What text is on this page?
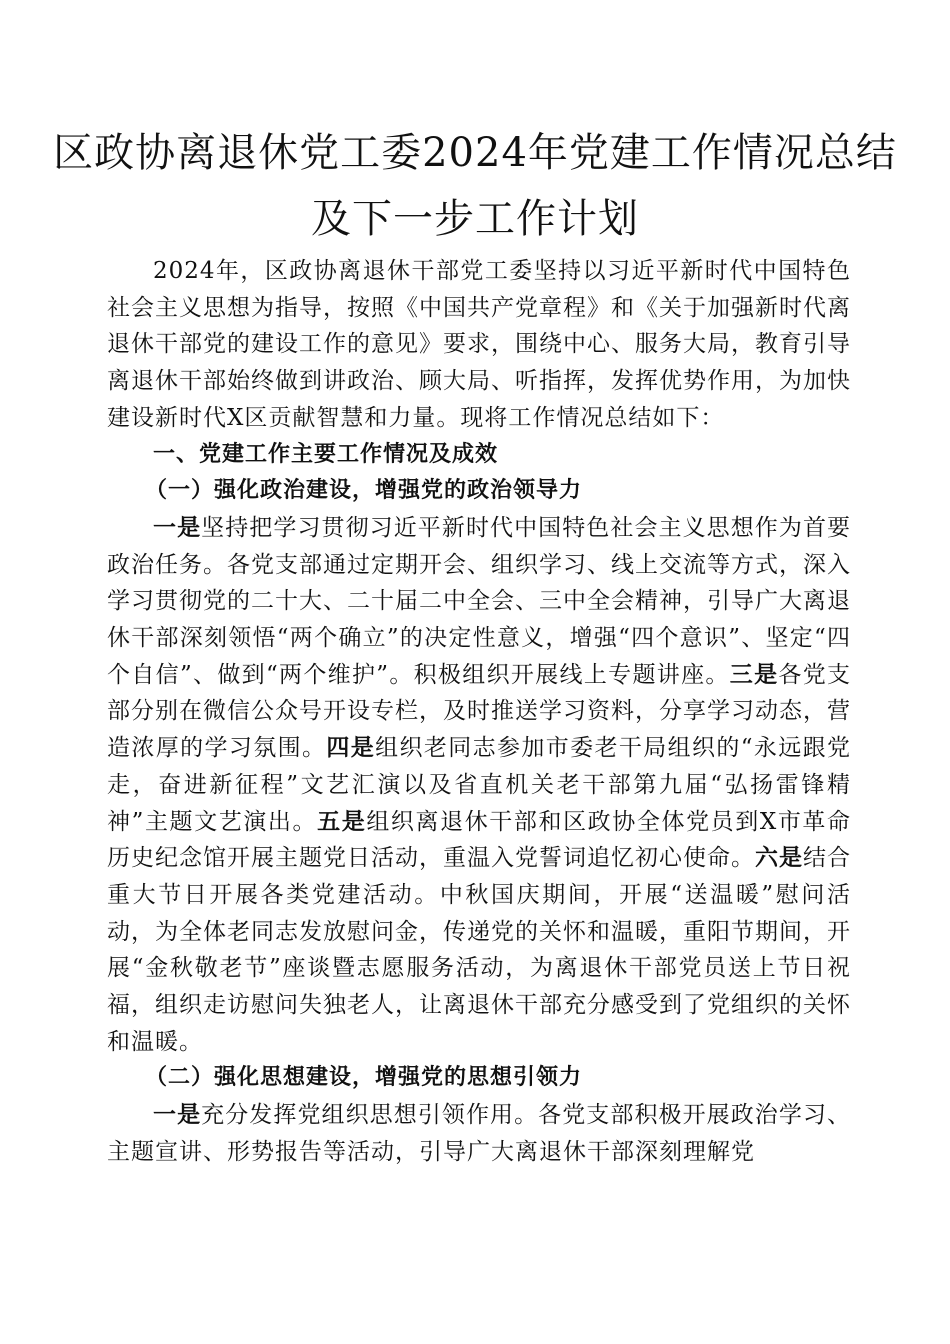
区政协离退休党工委2024年党建工作情况总结
及下一步工作计划

2024年，区政协离退休干部党工委坚持以习近平新时代中国特色社会主义思想为指导，按照《中国共产党章程》和《关于加强新时代离退休干部党的建设工作的意见》要求，围绕中心、服务大局，教育引导离退休干部始终做到讲政治、顾大局、听指挥，发挥优势作用，为加快建设新时代X区贡献智慧和力量。现将工作情况总结如下：

一、党建工作主要工作情况及成效

（一）强化政治建设，增强党的政治领导力

一是坚持把学习贯彻习近平新时代中国特色社会主义思想作为首要政治任务。各党支部通过定期开会、组织学习、线上交流等方式，深入学习贯彻党的二十大、二十届二中全会、三中全会精神，引导广大离退休干部深刻领悟“两个确立”的决定性意义，增强“四个意识”、坚定“四个自信”、做到“两个维护”。积极组织开展线上专题讲座。三是各党支部分别在微信公众号开设专栏，及时推送学习资料，分享学习动态，营造浓厚的学习氛围。四是组织老同志参加市委老干局组织的“永远跟党走，奋进新征程”文艺汇演以及省直机关老干部第九届“弘扬雷锋精神”主题文艺演出。五是组织离退休干部和区政协全体党员到X市革命历史纪念馆开展主题党日活动，重温入党誓词追忆初心使命。六是结合重大节日开展各类党建活动。中秋国庆期间，开展“送温暖”慰问活动，为全体老同志发放慰问金，传递党的关怀和温暖，重阳节期间，开展“金秋敬老节”座谈暨志愿服务活动，为离退休干部党员送上节日祝福，组织走访慰问失独老人，让离退休干部充分感受到了党组织的关怀和温暖。

（二）强化思想建设，增强党的思想引领力

一是充分发挥党组织思想引领作用。各党支部积极开展政治学习、主题宣讲、形势报告等活动，引导广大离退休干部深刻理解党
